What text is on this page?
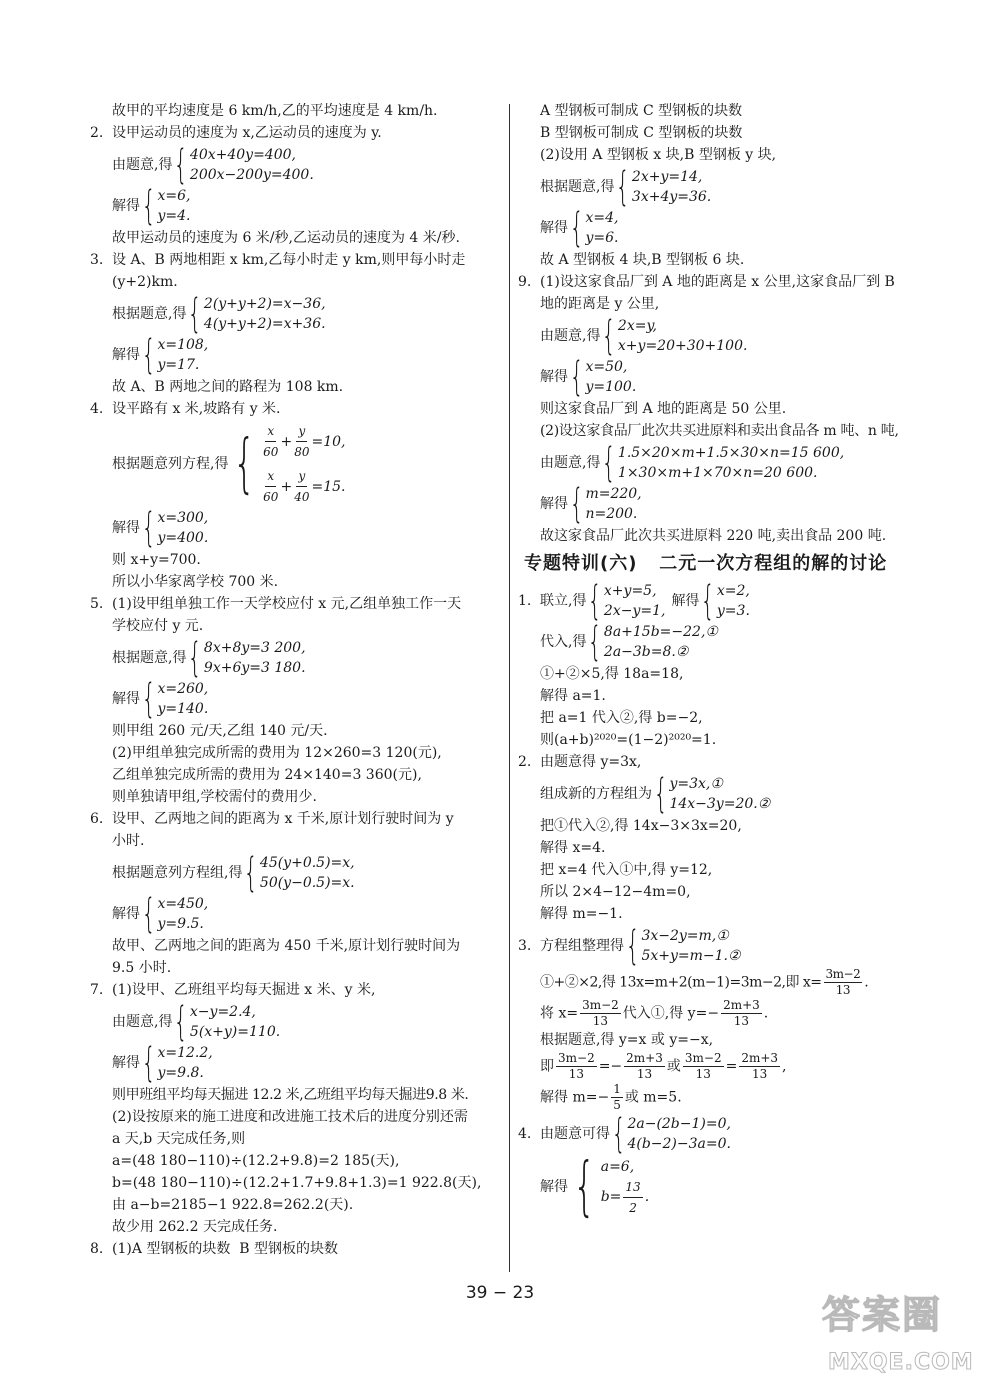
故甲的平均速度是 6 km/h,乙的平均速度是 4 km/h.
2. 设甲运动员的速度为 x,乙运动员的速度为 y.
由题意,得 { 40x+40y=400,
200x−200y=400.
解得 { x=6,
y=4.
故甲运动员的速度为 6 米/秒,乙运动员的速度为 4 米/秒.
3. 设 A、B 两地相距 x km,乙每小时走 y km,则甲每小时走
(y+2)km.
根据题意,得 { 2(y+y+2)=x−36,
4(y+y+2)=x+36.
解得 { x=108,
y=17.
故 A、B 两地之间的路程为 108 km.
4. 设平路有 x 米,坡路有 y 米.
根据题意列方程,得 { $\frac{x}{60} + \frac{y}{80} =10$,
$\frac{x}{60} + \frac{y}{40} =15$.
解得 { x=300,
y=400.
则 x+y=700.
所以小华家离学校 700 米.
5. (1)设甲组单独工作一天学校应付 x 元,乙组单独工作一天
学校应付 y 元.
根据题意,得 { 8x+8y=3 200,
9x+6y=3 180.
解得 { x=260,
y=140.
则甲组 260 元/天,乙组 140 元/天.
(2)甲组单独完成所需的费用为 12×260=3 120(元),
乙组单独完成所需的费用为 24×140=3 360(元),
则单独请甲组,学校需付的费用少.
6. 设甲、乙两地之间的距离为 x 千米,原计划行驶时间为 y
小时.
根据题意列方程组,得 { 45(y+0.5)=x,
50(y−0.5)=x.
解得 { x=450,
y=9.5.
故甲、乙两地之间的距离为 450 千米,原计划行驶时间为
9.5 小时.
7. (1)设甲、乙班组平均每天掘进 x 米、y 米,
由题意,得 { x−y=2.4,
5(x+y)=110.
解得 { x=12.2,
y=9.8.
则甲班组平均每天掘进 12.2 米,乙班组平均每天掘进9.8 米.
(2)设按原来的施工进度和改进施工技术后的进度分别还需
a 天,b 天完成任务,则
a=(48 180−110)÷(12.2+9.8)=2 185(天),
b=(48 180−110)÷(12.2+1.7+9.8+1.3)=1 922.8(天),
由 a−b=2185−1 922.8=262.2(天).
故少用 262.2 天完成任务.
8. (1)A 型钢板的块数  B 型钢板的块数
A 型钢板可制成 C 型钢板的块数
B 型钢板可制成 C 型钢板的块数
(2)设用 A 型钢板 x 块,B 型钢板 y 块,
根据题意,得 { 2x+y=14,
3x+4y=36.
解得 { x=4,
y=6.
故 A 型钢板 4 块,B 型钢板 6 块.
9. (1)设这家食品厂到 A 地的距离是 x 公里,这家食品厂到 B
地的距离是 y 公里,
由题意,得 { 2x=y,
x+y=20+30+100.
解得 { x=50,
y=100.
则这家食品厂到 A 地的距离是 50 公里.
(2)设这家食品厂此次共买进原料和卖出食品各 m 吨、n 吨,
由题意,得 { 1.5×20×m+1.5×30×n=15 600,
1×30×m+1×70×n=20 600.
解得 { m=220,
n=200.
故这家食品厂此次共买进原料 220 吨,卖出食品 200 吨.
专题特训(六)   二元一次方程组的解的讨论
1. 联立,得 { x+y=5,
2x−y=1,
解得 { x=2,
y=3.
代入,得 { 8a+15b=−22,①
2a−3b=8.②
①+②×5,得 18a=18,
解得 a=1.
把 a=1 代入②,得 b=−2,
则(a+b)²⁰²⁰=(1−2)²⁰²⁰=1.
2. 由题意得 y=3x,
组成新的方程组为 { y=3x,①
14x−3y=20.②
把①代入②,得 14x−3×3x=20,
解得 x=4.
把 x=4 代入①中,得 y=12,
所以 2×4−12−4m=0,
解得 m=−1.
3. 方程组整理得 { 3x−2y=m,①
5x+y=m−1.②
①+②×2,得 13x=m+2(m−1)=3m−2,即 $x= \frac{3m-2}{13}$ .
将 $x= \frac{3m-2}{13}$ 代入①,得 $y=- \frac{2m+3}{13}$ .
根据题意,得 y=x 或 y=−x,
即 $\frac{3m-2}{13} =- \frac{2m+3}{13}$ 或 $\frac{3m-2}{13} = \frac{2m+3}{13}$ ,
解得 $m=- \frac{1}{5}$ 或 m=5.
4. 由题意可得 { 2a−(2b−1)=0,
4(b−2)−3a=0.
解得 { a=6,
$b= \frac{13}{2}$ .
39 − 23	答案圈
MXQE.COM
